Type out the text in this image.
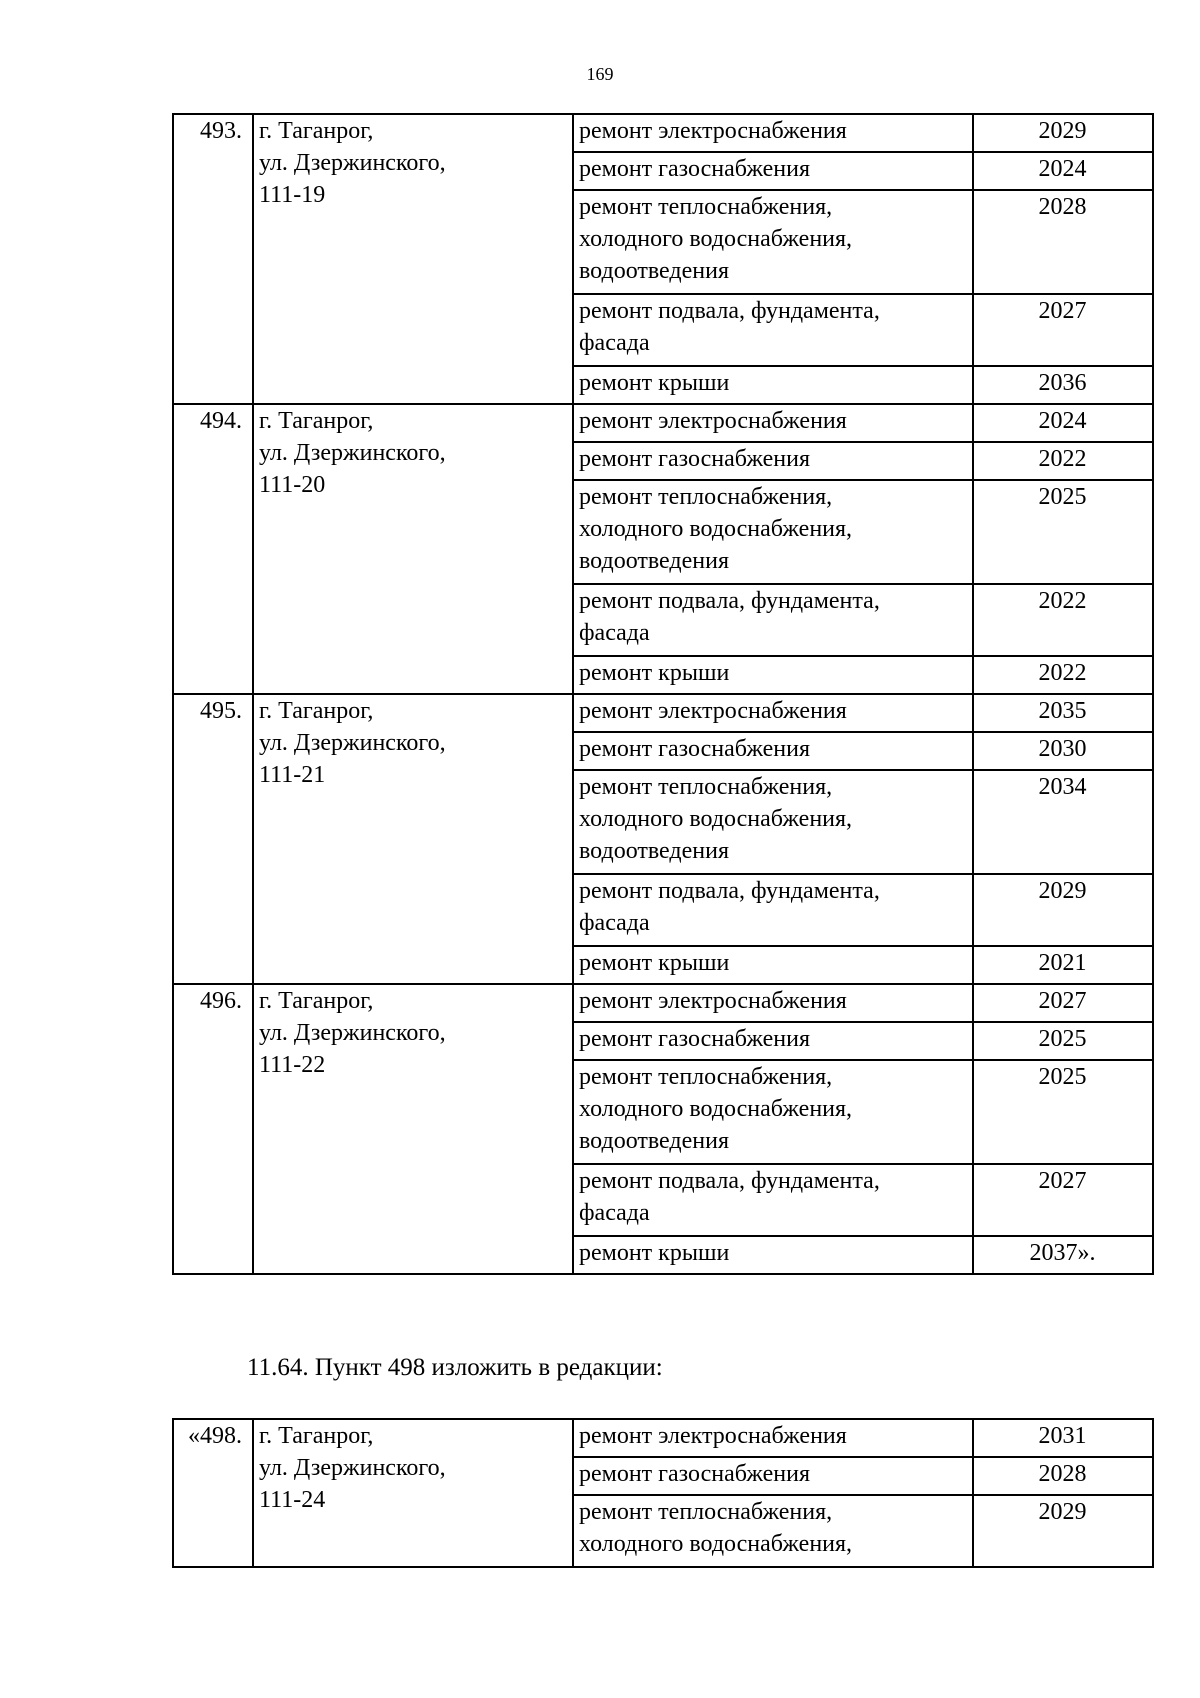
169
493.	г. Таганрог,
ул. Дзержинского,
111-19	ремонт электроснабжения	2029
		ремонт газоснабжения	2024
		ремонт теплоснабжения,
холодного водоснабжения,
водоотведения	2028
		ремонт подвала, фундамента,
фасада	2027
		ремонт крыши	2036
494.	г. Таганрог,
ул. Дзержинского,
111-20	ремонт электроснабжения	2024
		ремонт газоснабжения	2022
		ремонт теплоснабжения,
холодного водоснабжения,
водоотведения	2025
		ремонт подвала, фундамента,
фасада	2022
		ремонт крыши	2022
495.	г. Таганрог,
ул. Дзержинского,
111-21	ремонт электроснабжения	2035
		ремонт газоснабжения	2030
		ремонт теплоснабжения,
холодного водоснабжения,
водоотведения	2034
		ремонт подвала, фундамента,
фасада	2029
		ремонт крыши	2021
496.	г. Таганрог,
ул. Дзержинского,
111-22	ремонт электроснабжения	2027
		ремонт газоснабжения	2025
		ремонт теплоснабжения,
холодного водоснабжения,
водоотведения	2025
		ремонт подвала, фундамента,
фасада	2027
		ремонт крыши	2037».
11.64. Пункт 498 изложить в редакции:
«498.	г. Таганрог,
ул. Дзержинского,
111-24	ремонт электроснабжения	2031
		ремонт газоснабжения	2028
		ремонт теплоснабжения,
холодного водоснабжения,	2029
